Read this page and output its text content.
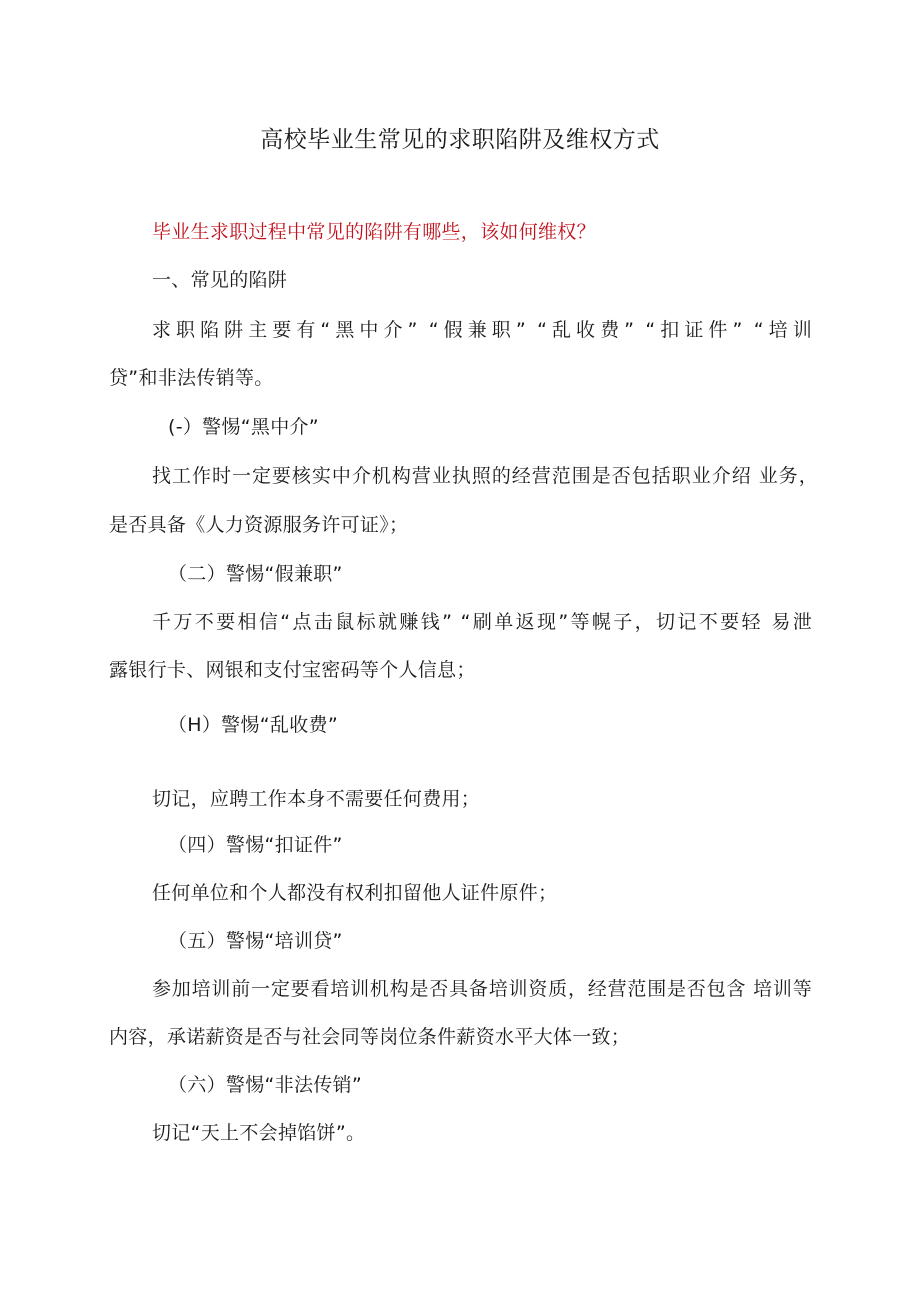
高校毕业生常见的求职陷阱及维权方式
毕业生求职过程中常见的陷阱有哪些，该如何维权？
一、常见的陷阱
求职陷阱主要有“黑中介” “假兼职” “乱收费” “扣证件” “培训
贷”和非法传销等。
(-）警惕“黑中介”
找工作时一定要核实中介机构营业执照的经营范围是否包括职业介绍 业务，
是否具备《人力资源服务许可证》；
（二）警惕“假兼职”
千万不要相信“点击鼠标就赚钱” “刷单返现”等幌子，切记不要轻 易泄
露银行卡、网银和支付宝密码等个人信息；
（H）警惕“乱收费”
切记，应聘工作本身不需要任何费用；
（四）警惕“扣证件”
任何单位和个人都没有权利扣留他人证件原件；
（五）警惕“培训贷”
参加培训前一定要看培训机构是否具备培训资质，经营范围是否包含 培训等
内容，承诺薪资是否与社会同等岗位条件薪资水平大体一致；
（六）警惕“非法传销”
切记“天上不会掉馅饼”。
